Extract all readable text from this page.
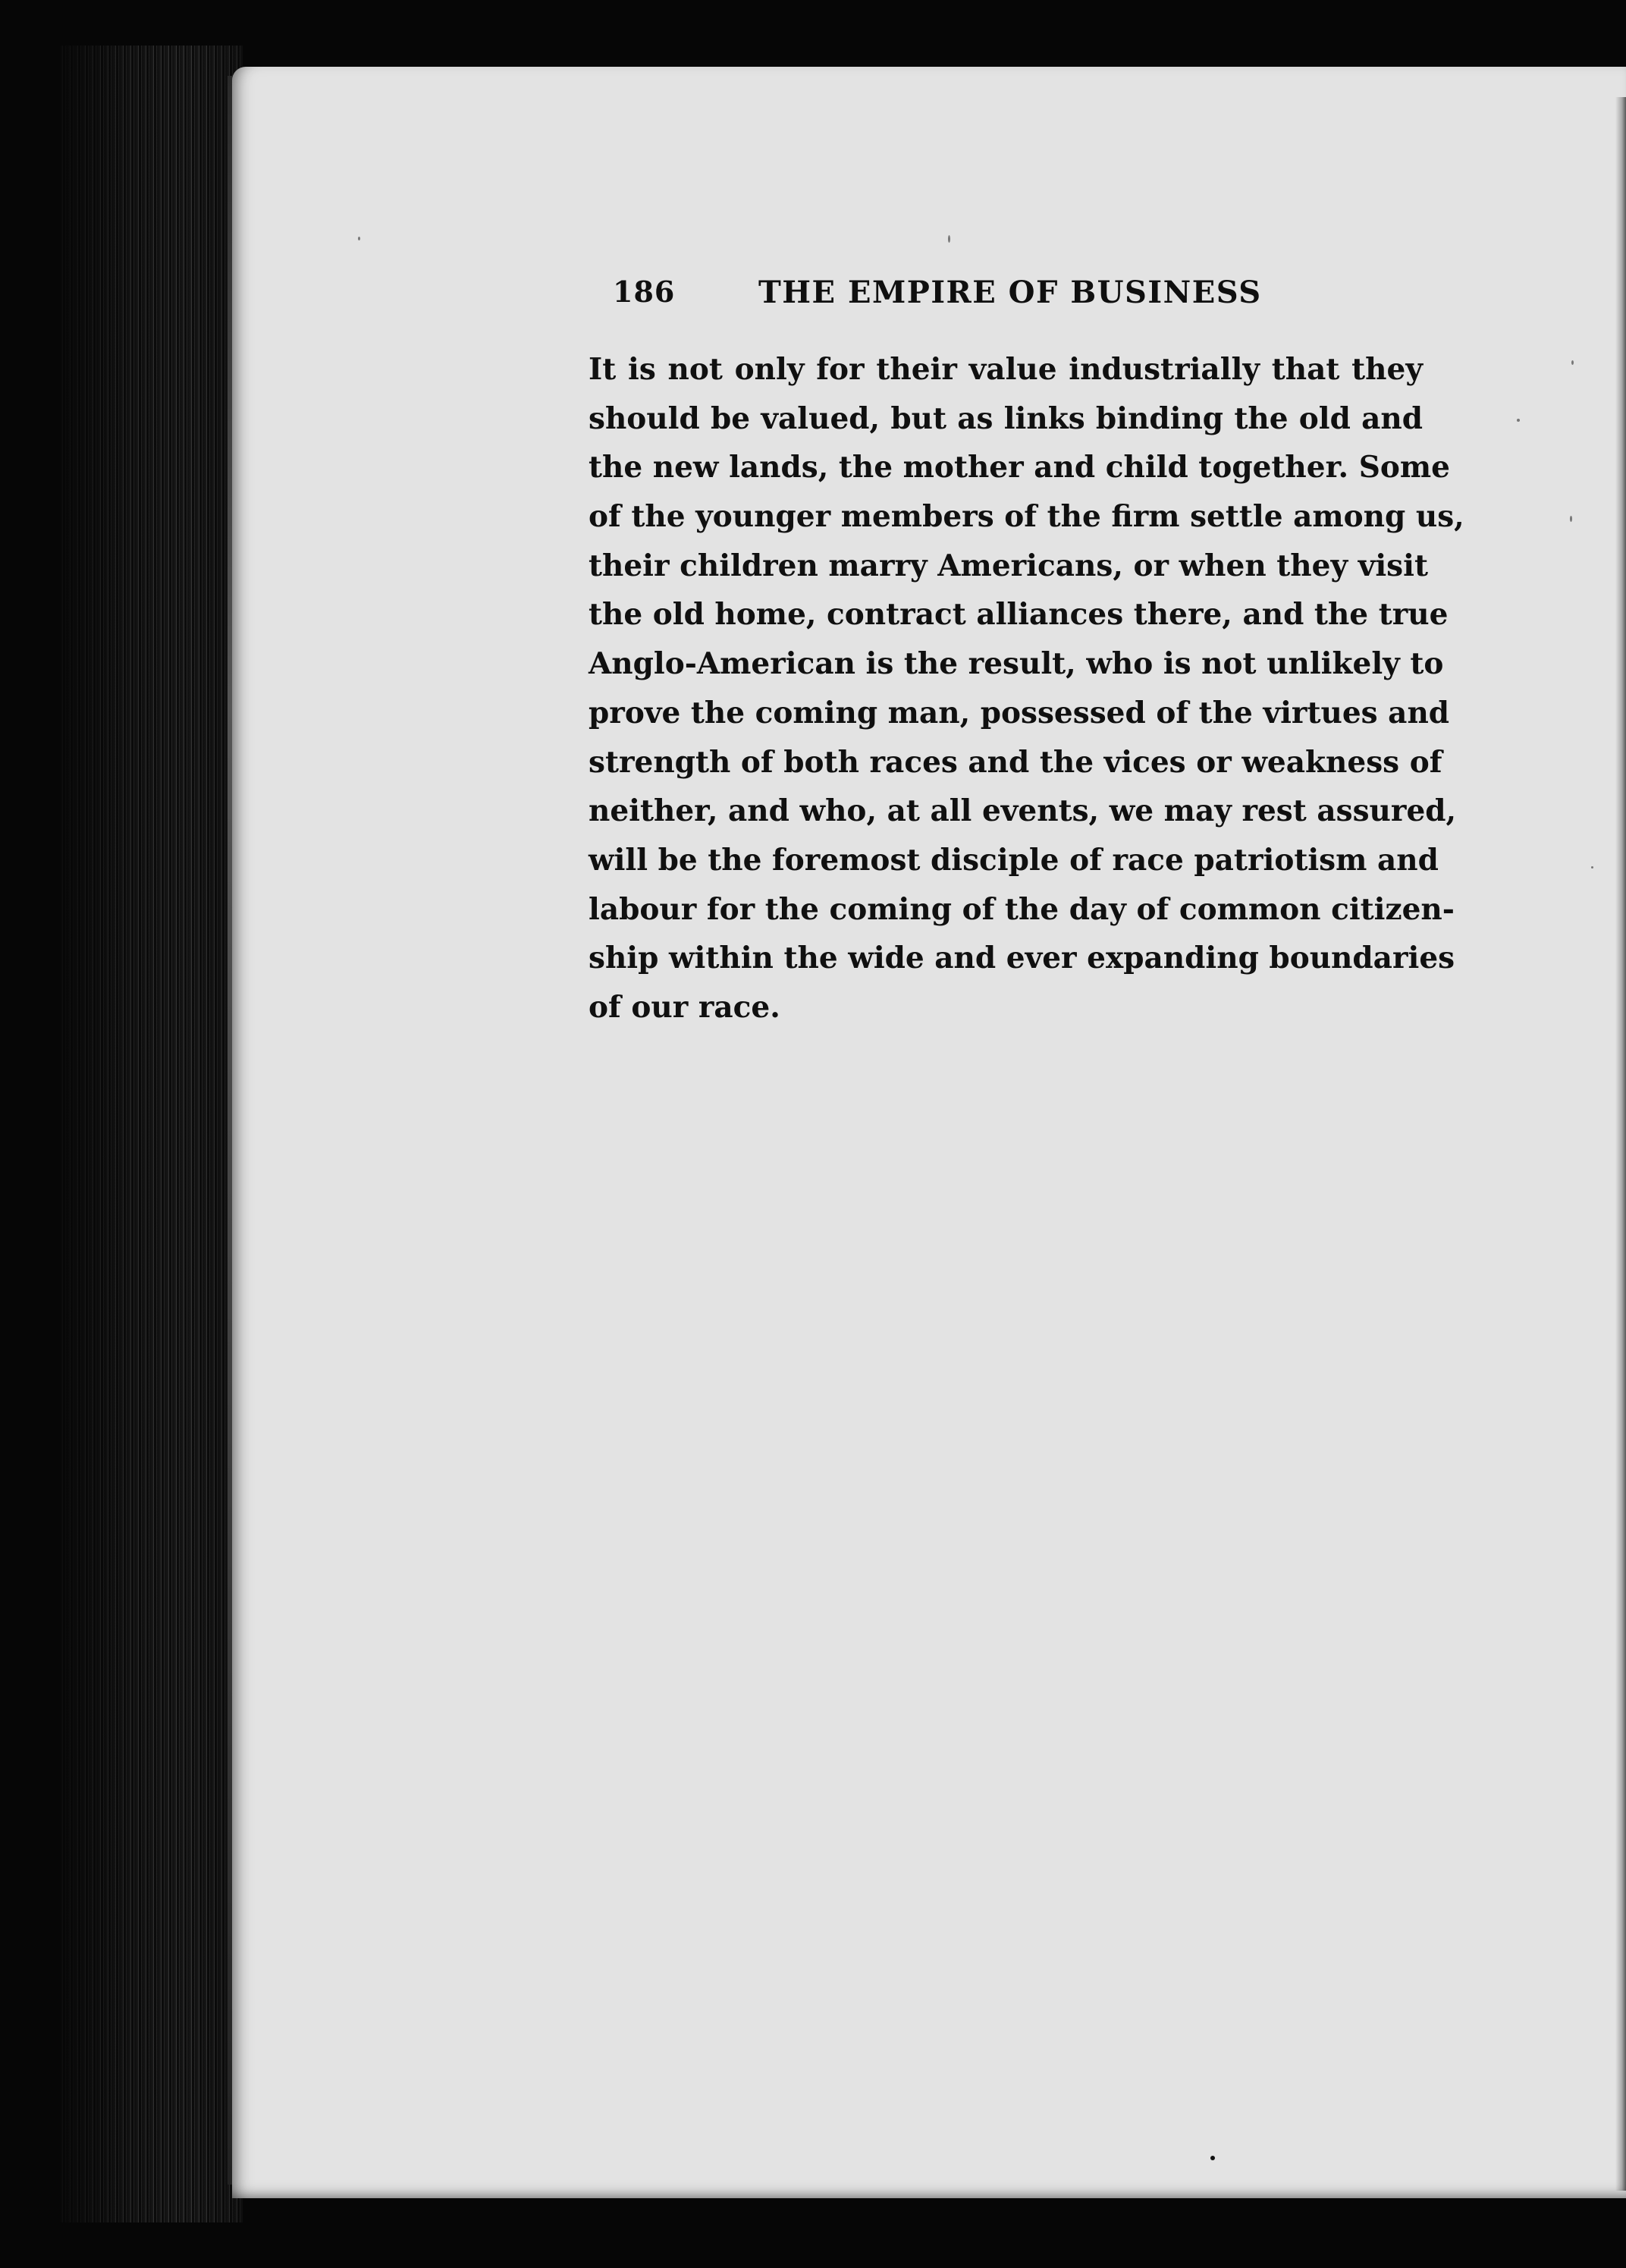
186	THE EMPIRE OF BUSINESS
It is not only for their value industrially that they
should be valued, but as links binding the old and
the new lands, the mother and child together. Some
of the younger members of the firm settle among us,
their children marry Americans, or when they visit
the old home, contract alliances there, and the true
Anglo-American is the result, who is not unlikely to
prove the coming man, possessed of the virtues and
strength of both races and the vices or weakness of
neither, and who, at all events, we may rest assured,
will be the foremost disciple of race patriotism and
labour for the coming of the day of common citizen-
ship within the wide and ever expanding boundaries
of our race.
